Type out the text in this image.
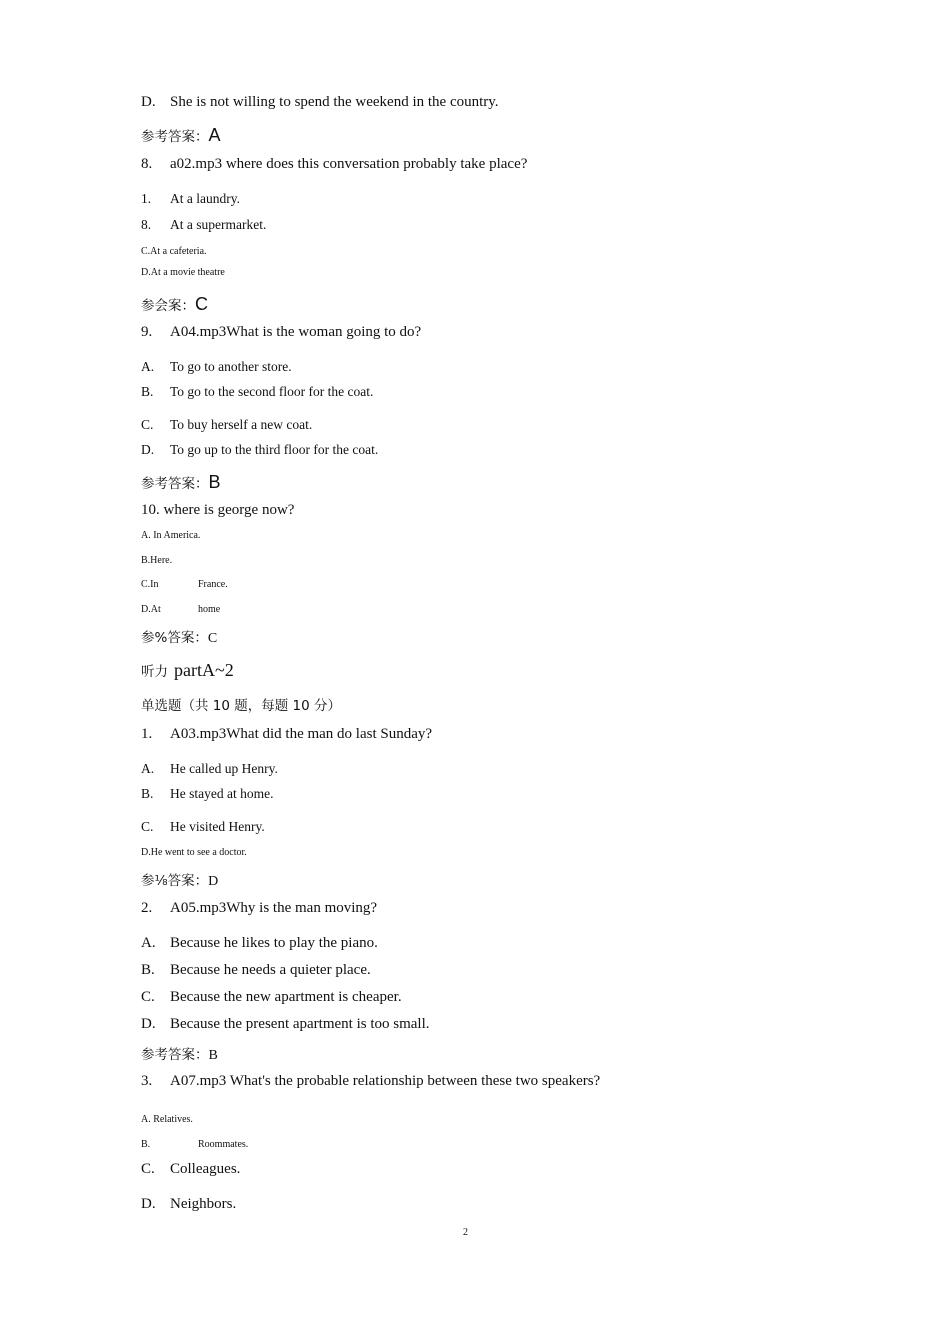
D. She is not willing to spend the weekend in the country.
参考答案：A
8. a02.mp3 where does this conversation probably take place?
1. At a laundry.
8. At a supermarket.
C.At a cafeteria.
D.At a movie theatre
参会案：C
9. A04.mp3What is the woman going to do?
A. To go to another store.
B. To go to the second floor for the coat.
C. To buy herself a new coat.
D. To go up to the third floor for the coat.
参考答案：B
10. where is george now?
A. In America.
B.Here.
C.In	France.
D.At	home
参%答案：C
听力 partA~2
单选题（共 10 题，每题 10 分）
1. A03.mp3What did the man do last Sunday?
A. He called up Henry.
B. He stayed at home.
C. He visited Henry.
D.He went to see a doctor.
参⅛答案：D
2. A05.mp3Why is the man moving?
A. Because he likes to play the piano.
B. Because he needs a quieter place.
C. Because the new apartment is cheaper.
D. Because the present apartment is too small.
参考答案：B
3. A07.mp3 What's the probable relationship between these two speakers?
A. Relatives.
B.	Roommates.
C. Colleagues.
D. Neighbors.
2
